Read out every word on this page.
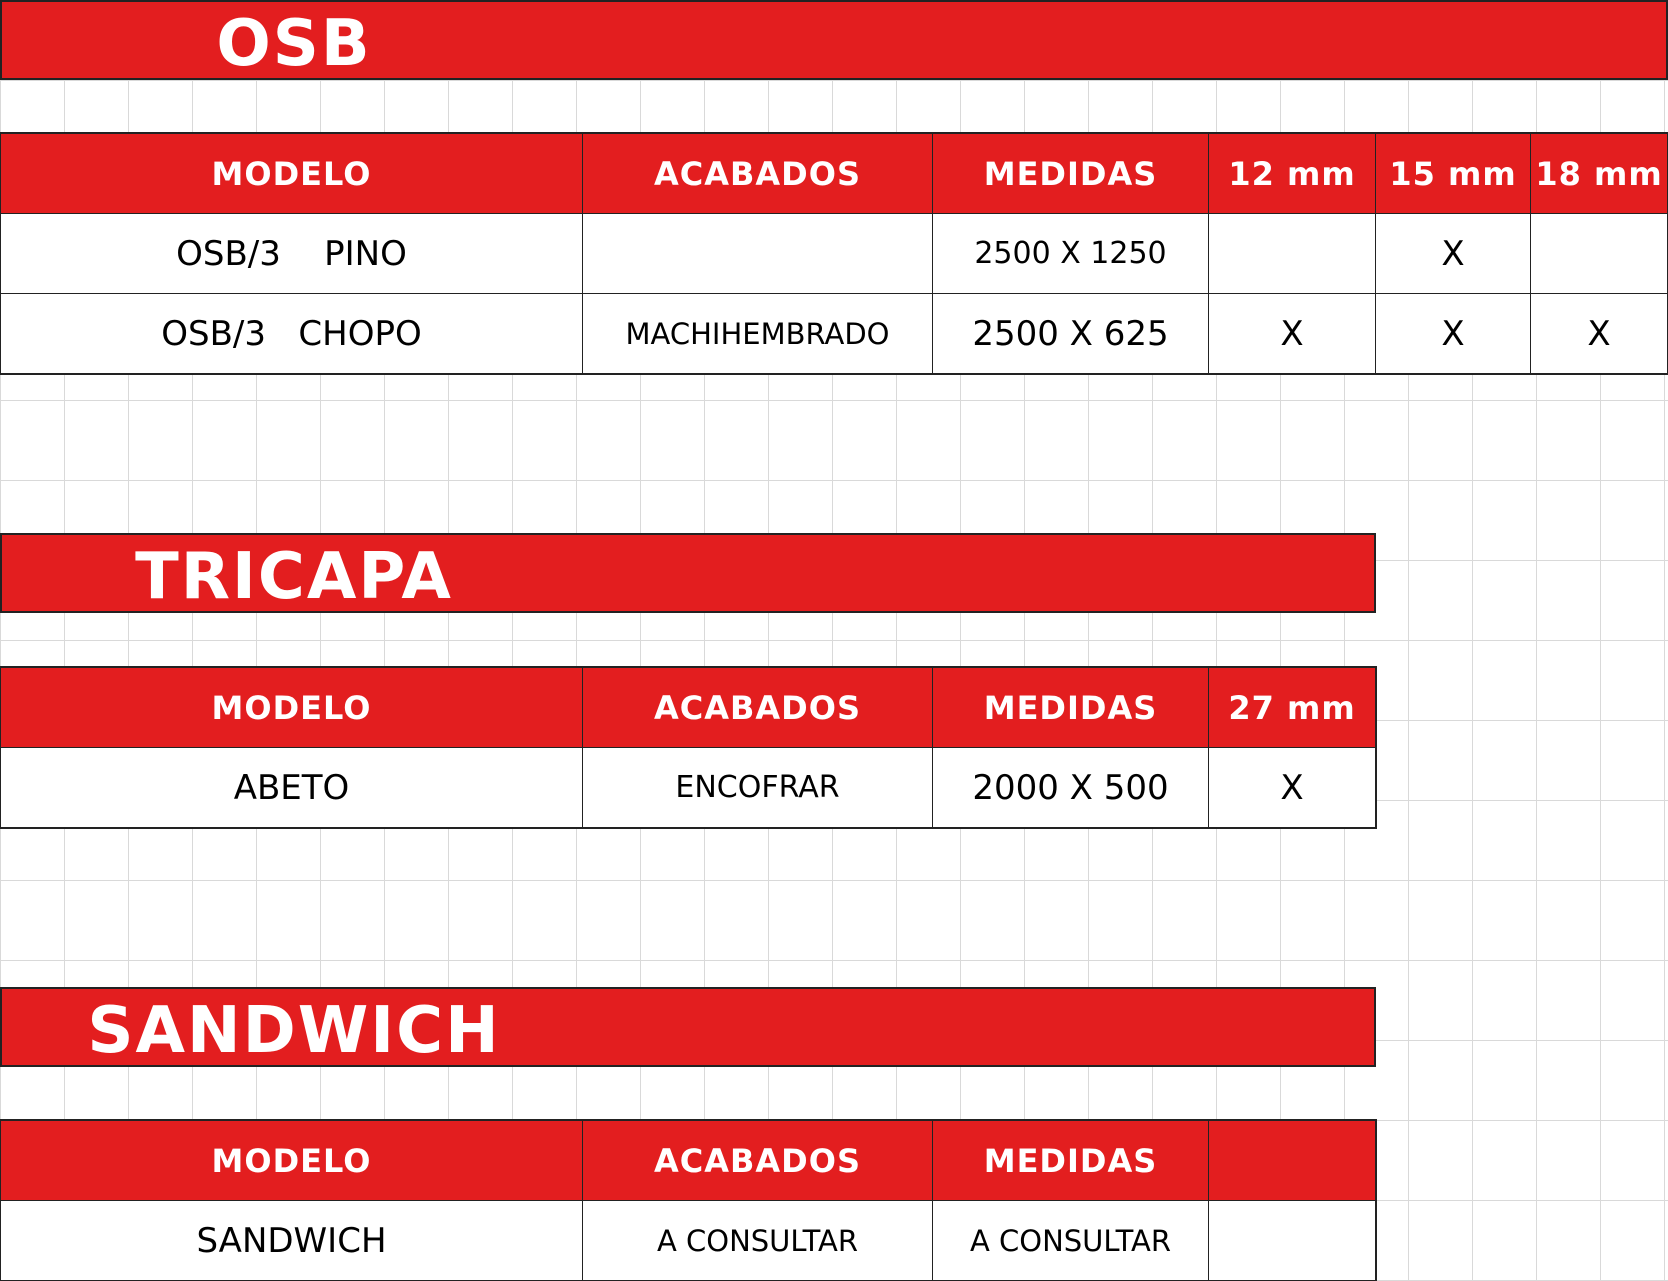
OSB
MODELO	ACABADOS	MEDIDAS	12 mm	15 mm	18 mm
OSB/3    PINO		2500 X 1250		X	
OSB/3   CHOPO	MACHIHEMBRADO	2500 X 625	X	X	X
TRICAPA
MODELO	ACABADOS	MEDIDAS	27 mm
ABETO	ENCOFRAR	2000 X 500	X
SANDWICH
MODELO	ACABADOS	MEDIDAS	
SANDWICH	A CONSULTAR	A CONSULTAR	
